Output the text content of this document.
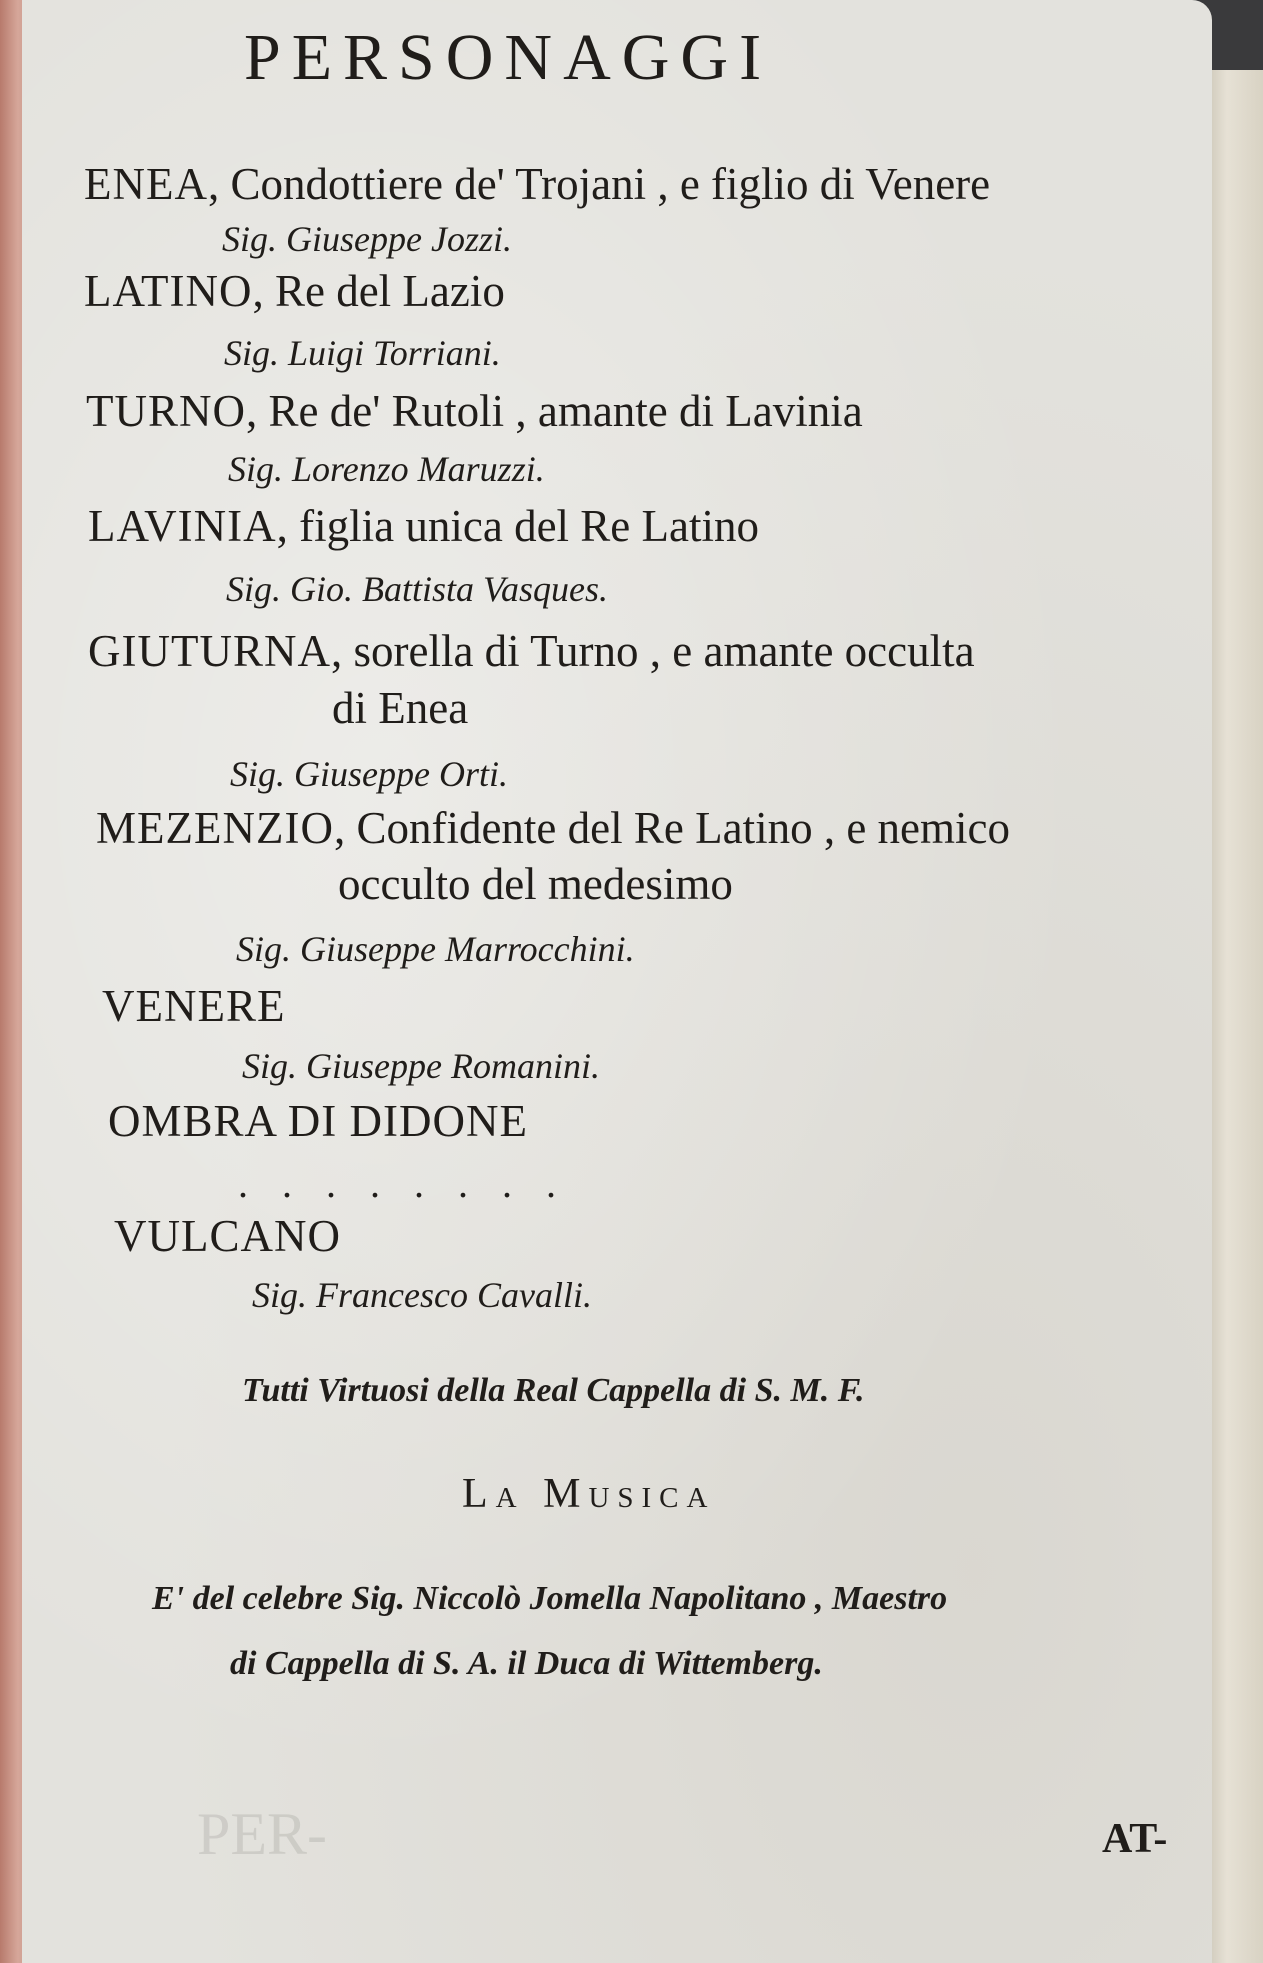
PER-
PERSONAGGI
ENEA, Condottiere de' Trojani , e figlio di Venere
Sig. Giuseppe Jozzi.
LATINO, Re del Lazio
Sig. Luigi Torriani.
TURNO, Re de' Rutoli , amante di Lavinia
Sig. Lorenzo Maruzzi.
LAVINIA, figlia unica del Re Latino
Sig. Gio. Battista Vasques.
GIUTURNA, sorella di Turno , e amante occulta
di Enea
Sig. Giuseppe Orti.
MEZENZIO, Confidente del Re Latino , e nemico
occulto del medesimo
Sig. Giuseppe Marrocchini.
VENERE
Sig. Giuseppe Romanini.
OMBRA DI DIDONE
. . . . . . . .
VULCANO
Sig. Francesco Cavalli.
Tutti Virtuosi della Real Cappella di S. M. F.
La Musica
E' del celebre Sig. Niccolò Jomella Napolitano , Maestro
di Cappella di S. A. il Duca di Wittemberg.
AT-
